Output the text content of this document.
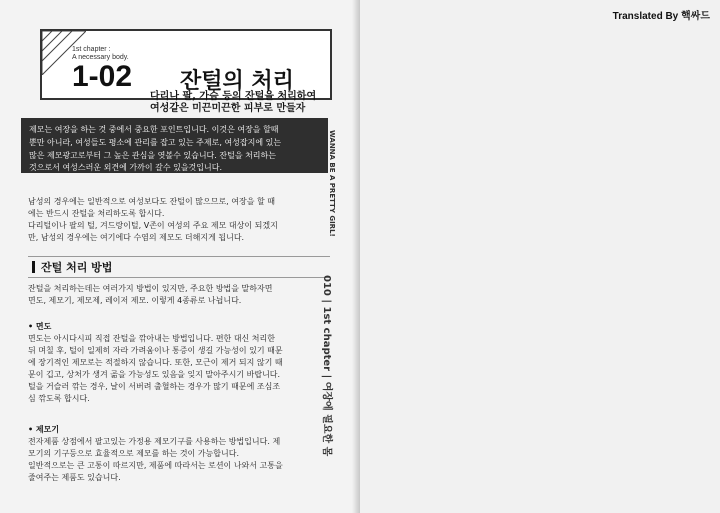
1st chapter :
A necessary body.
1-02 잔털의 처리
다리나 팔, 가슴 등의 잔털을 처리하여
여성같은 미끈미끈한 피부로 만들자
제모는 여장을 하는 것 중에서 중요한 포인트입니다. 이것은 여장을 할때
뿐만 아니라, 여성들도 평소에 관리를 잡고 있는 주제로, 여성잡지에 있는
많은 제모광고로부터 그 높은 관심을 엿볼수 있습니다. 잔털을 처리하는
것으로서 여성스러운 외견에 가까이 갈수 있을것입니다.
남성의 경우에는 일반적으로 여성보다도 잔털이 많으므로, 여장을 할 때
에는 반드시 잔털을 처리하도록 합시다.
다리털이나 팔의 털, 겨드랑이털, V존이 여성의 주요 제모 대상이 되겠지
만, 남성의 경우에는 여기에다 수염의 제모도 더해지게 됩니다.
잔털 처리 방법
잔털을 처리하는데는 여러가지 방법이 있지만, 주요한 방법을 말하자면
면도, 제모기, 제모제, 레이저 제모. 이렇게 4종류로 나뉩니다.
• 면도
면도는 아시다시피 직접 잔털을 깎아내는 방법입니다. 편한 대신 처리한
뒤 며칠 후, 털이 일제히 자라 가려움이나 통증이 생길 가능성이 있기 때문
에 장기적인 제모로는 적절하지 않습니다. 또한, 모근이 제거 되지 않기 때
문이 깁고, 상처가 생겨 곪을 가능성도 있음을 잊지 말아주시기 바랍니다.
털을 거슬러 깎는 경우, 날이 서버려 출혈하는 경우가 많기 때문에 조심조
심 깎도록 합시다.
• 제모기
전자제품 상점에서 팔고있는 가정용 제모기구를 사용하는 방법입니다. 제
모기의 기구등으로 효율적으로 제모를 하는 것이 가능합니다.
일반적으로는 큰 고통이 따르지만, 제품에 따라서는 로션이 나와서 고통을
줄여주는 제품도 있습니다.
WANNA BE A PRETTY GIRL!
010 | 1st chapter | 여장에 필요한 몸
Translated By 핵싸드
